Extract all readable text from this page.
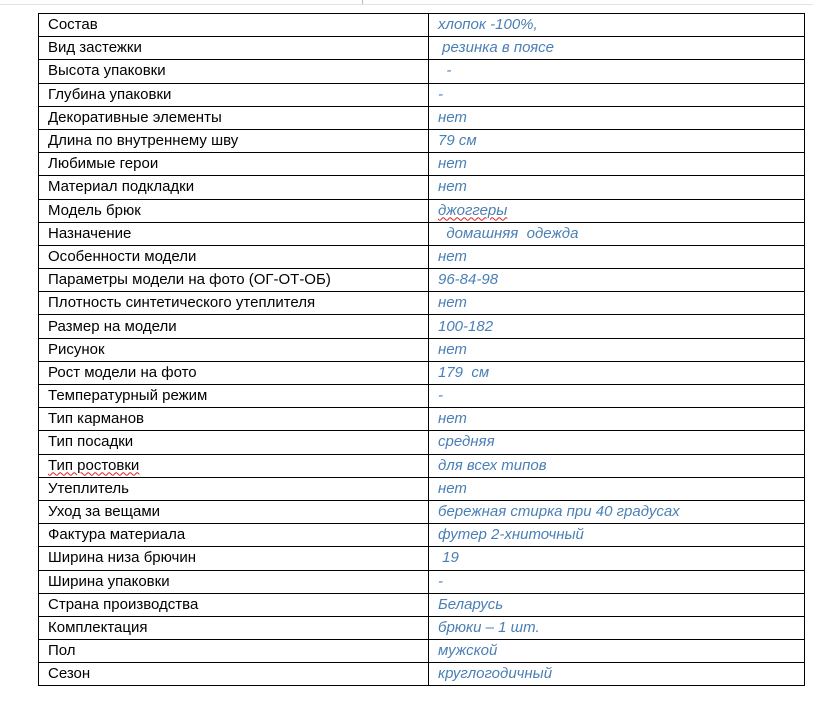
Состав	хлопок -100%,
Вид застежки	резинка в поясе
Высота упаковки	-
Глубина упаковки	-
Декоративные элементы	нет
Длина по внутреннему шву	79 см
Любимые герои	нет
Материал подкладки	нет
Модель брюк	джоггеры
Назначение	домашняя  одежда
Особенности модели	нет
Параметры модели на фото (ОГ-ОТ-ОБ)	96-84-98
Плотность синтетического утеплителя	нет
Размер на модели	100-182
Рисунок	нет
Рост модели на фото	179  см
Температурный режим	-
Тип карманов	нет
Тип посадки	средняя
Тип ростовки	для всех типов
Утеплитель	нет
Уход за вещами	бережная стирка при 40 градусах
Фактура материала	футер 2-хниточный
Ширина низа брючин	19
Ширина упаковки	-
Страна производства	Беларусь
Комплектация	брюки – 1 шт.
Пол	мужской
Сезон	круглогодичный
